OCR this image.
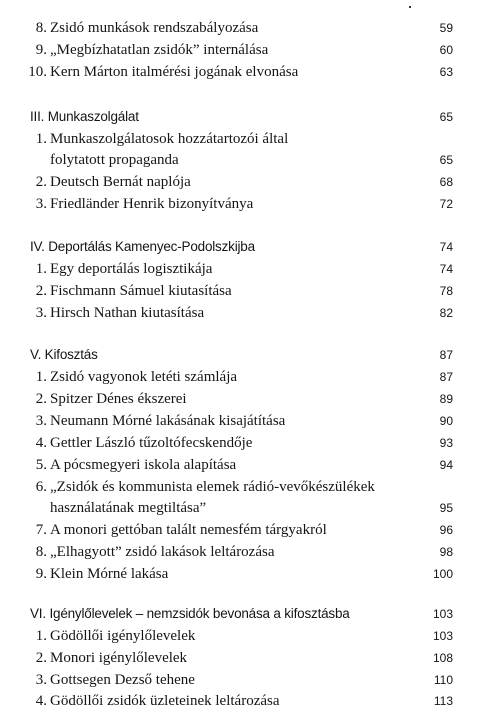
8. Zsidó munkások rendszabályozása	59
9. „Megbízhatatlan zsidók” internálása	60
10. Kern Márton italmérési jogának elvonása	63
III. Munkaszolgálat	65
1. Munkaszolgálatosok hozzátartozói által
folytatott propaganda	65
2. Deutsch Bernát naplója	68
3. Friedländer Henrik bizonyítványa	72
IV. Deportálás Kamenyec-Podolszkijba	74
1. Egy deportálás logisztikája	74
2. Fischmann Sámuel kiutasítása	78
3. Hirsch Nathan kiutasítása	82
V. Kifosztás	87
1. Zsidó vagyonok letéti számlája	87
2. Spitzer Dénes ékszerei	89
3. Neumann Mórné lakásának kisajátítása	90
4. Gettler László tűzoltófecskendője	93
5. A pócsmegyeri iskola alapítása	94
6. „Zsidók és kommunista elemek rádió-vevőkészülékek
használatának megtiltása”	95
7. A monori gettóban talált nemesfém tárgyakról	96
8. „Elhagyott” zsidó lakások leltározása	98
9. Klein Mórné lakása	100
VI. Igénylőlevelek – nemzsidók bevonása a kifosztásba	103
1. Gödöllői igénylőlevelek	103
2. Monori igénylőlevelek	108
3. Gottsegen Dezső tehene	110
4. Gödöllői zsidók üzleteinek leltározása	113
